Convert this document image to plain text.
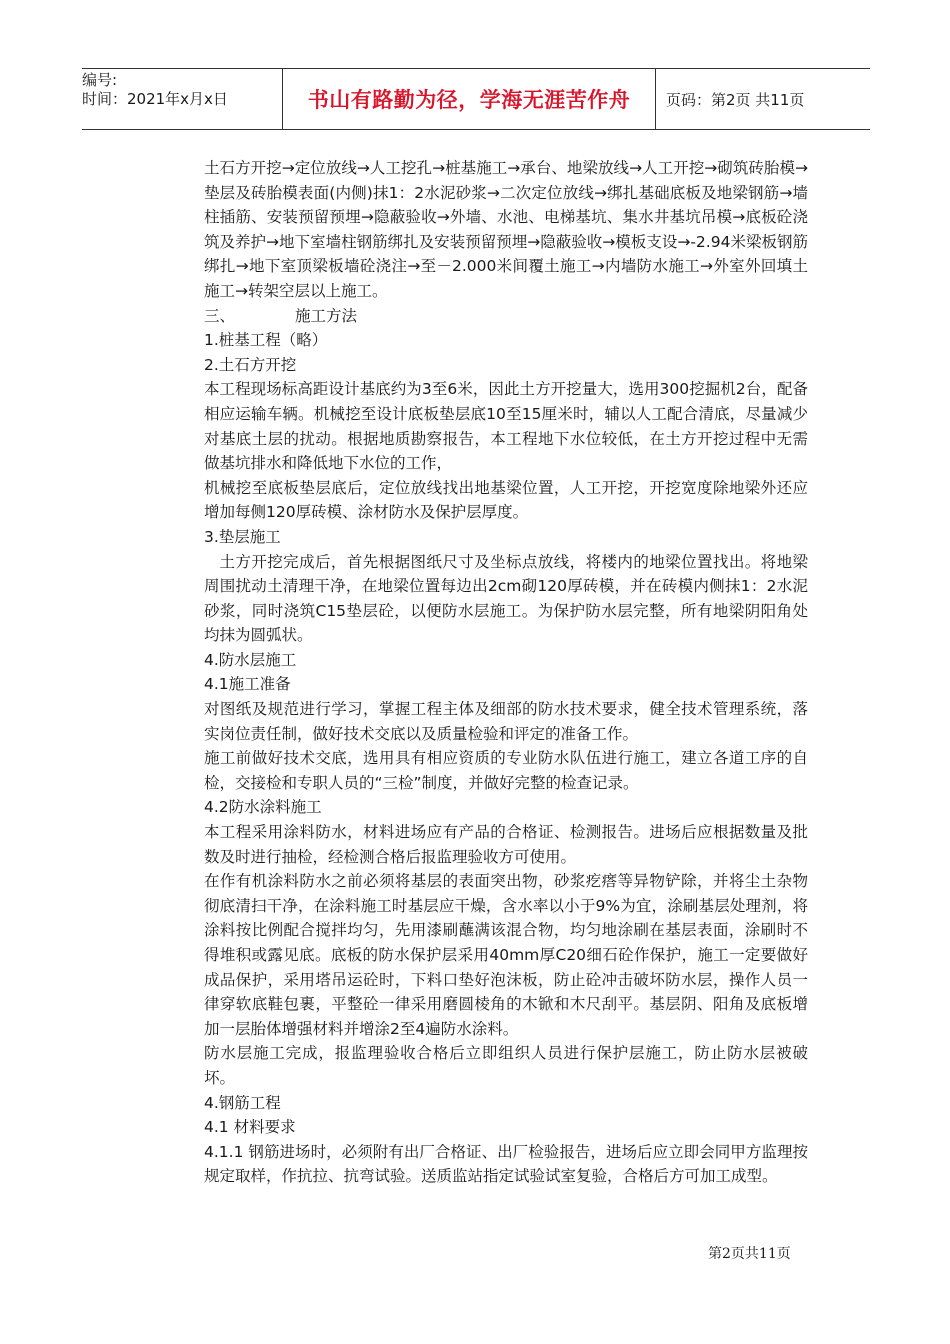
编号:
时间：2021年x月x日	书山有路勤为径，学海无涯苦作舟	页码：第2页 共11页

土石方开挖→定位放线→人工挖孔→桩基施工→承台、地梁放线→人工开挖→砌筑砖胎模→垫层及砖胎模表面(内侧)抹1：2水泥砂浆→二次定位放线→绑扎基础底板及地梁钢筋→墙柱插筋、安装预留预埋→隐蔽验收→外墙、水池、电梯基坑、集水井基坑吊模→底板砼浇筑及养护→地下室墙柱钢筋绑扎及安装预留预埋→隐蔽验收→模板支设→-2.94米梁板钢筋绑扎→地下室顶梁板墙砼浇注→至－2.000米间覆土施工→内墙防水施工→外室外回填土施工→转架空层以上施工。

三、	施工方法

1.桩基工程（略）

2.土石方开挖

本工程现场标高距设计基底约为3至6米，因此土方开挖量大，选用300挖掘机2台，配备相应运输车辆。机械挖至设计底板垫层底10至15厘米时，辅以人工配合清底，尽量减少对基底土层的扰动。根据地质勘察报告，本工程地下水位较低，在土方开挖过程中无需做基坑排水和降低地下水位的工作，

机械挖至底板垫层底后，定位放线找出地基梁位置，人工开挖，开挖宽度除地梁外还应增加每侧120厚砖模、涂材防水及保护层厚度。

3.垫层施工

土方开挖完成后，首先根据图纸尺寸及坐标点放线，将楼内的地梁位置找出。将地梁周围扰动土清理干净，在地梁位置每边出2cm砌120厚砖模，并在砖模内侧抹1：2水泥砂浆，同时浇筑C15垫层砼，以便防水层施工。为保护防水层完整，所有地梁阴阳角处均抹为圆弧状。

4.防水层施工

4.1施工准备

对图纸及规范进行学习，掌握工程主体及细部的防水技术要求，健全技术管理系统，落实岗位责任制，做好技术交底以及质量检验和评定的准备工作。

施工前做好技术交底，选用具有相应资质的专业防水队伍进行施工，建立各道工序的自检，交接检和专职人员的“三检”制度，并做好完整的检查记录。

4.2防水涂料施工

本工程采用涂料防水，材料进场应有产品的合格证、检测报告。进场后应根据数量及批数及时进行抽检，经检测合格后报监理验收方可使用。

在作有机涂料防水之前必须将基层的表面突出物，砂浆疙瘩等异物铲除，并将尘土杂物彻底清扫干净，在涂料施工时基层应干燥，含水率以小于9%为宜，涂刷基层处理剂，将涂料按比例配合搅拌均匀，先用漆刷蘸满该混合物，均匀地涂刷在基层表面，涂刷时不得堆积或露见底。底板的防水保护层采用40mm厚C20细石砼作保护，施工一定要做好成品保护，采用塔吊运砼时，下料口垫好泡沫板，防止砼冲击破坏防水层，操作人员一律穿软底鞋包裹，平整砼一律采用磨圆棱角的木锨和木尺刮平。基层阴、阳角及底板增加一层胎体增强材料并增涂2至4遍防水涂料。

防水层施工完成，报监理验收合格后立即组织人员进行保护层施工，防止防水层被破坏。

4.钢筋工程

4.1 材料要求

4.1.1 钢筋进场时，必须附有出厂合格证、出厂检验报告，进场后应立即会同甲方监理按规定取样，作抗拉、抗弯试验。送质监站指定试验试室复验，合格后方可加工成型。

第2页共11页
